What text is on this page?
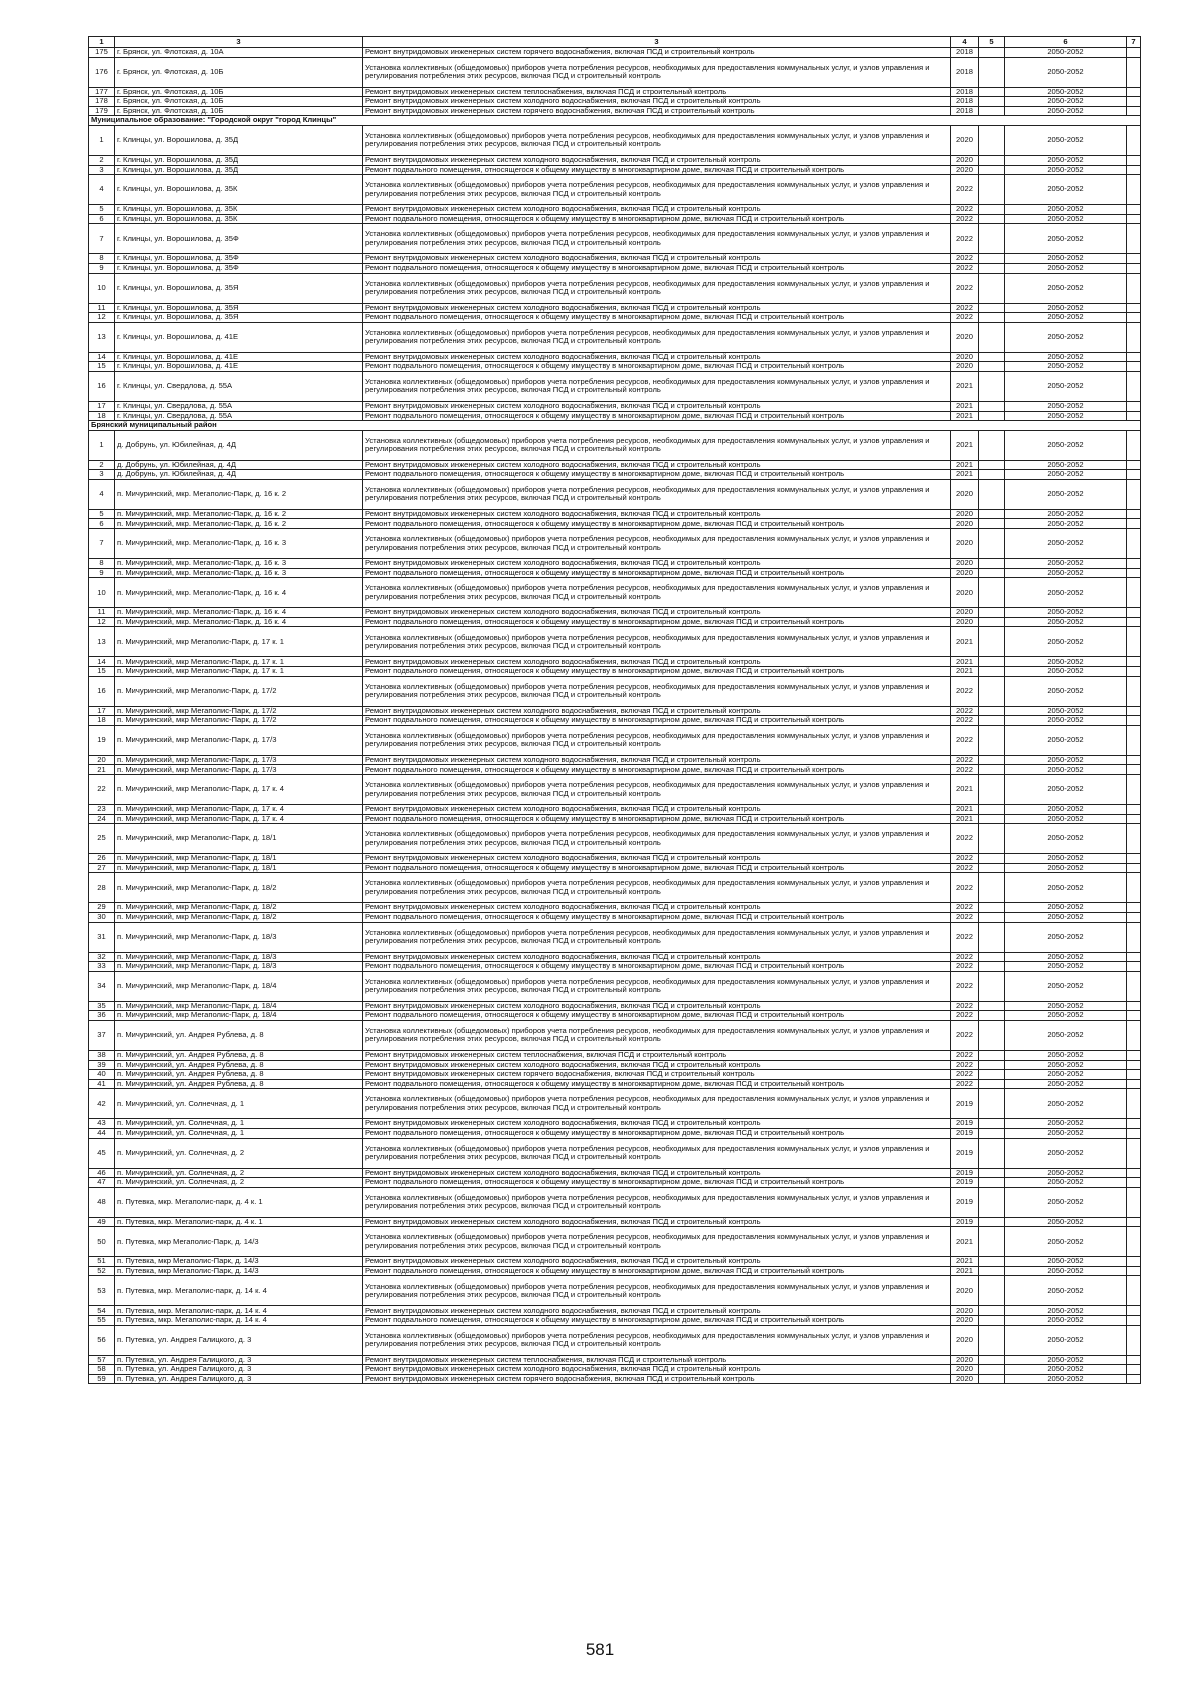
1	3	3	4	5	6	7
175	г. Брянск, ул. Флотская, д. 10А	Ремонт внутридомовых инженерных систем горячего водоснабжения, включая ПСД и строительный контроль	2018		2050-2052	
176	г. Брянск, ул. Флотская, д. 10Б	Установка коллективных (общедомовых) приборов учета потребления ресурсов, необходимых для предоставления коммунальных услуг, и узлов управления и регулирования потребления этих ресурсов, включая ПСД и строительный контроль	2018		2050-2052	
177	г. Брянск, ул. Флотская, д. 10Б	Ремонт внутридомовых инженерных систем теплоснабжения, включая ПСД и строительный контроль	2018		2050-2052	
178	г. Брянск, ул. Флотская, д. 10Б	Ремонт внутридомовых инженерных систем холодного водоснабжения, включая ПСД и строительный контроль	2018		2050-2052	
179	г. Брянск, ул. Флотская, д. 10Б	Ремонт внутридомовых инженерных систем горячего водоснабжения, включая ПСД и строительный контроль	2018		2050-2052	
Муниципальное образование: "Городской округ "город Клинцы"						
1	г. Клинцы, ул. Ворошилова, д. 35Д	Установка коллективных (общедомовых) приборов учета потребления ресурсов, необходимых для предоставления коммунальных услуг, и узлов управления и регулирования потребления этих ресурсов, включая ПСД и строительный контроль	2020		2050-2052	
2	г. Клинцы, ул. Ворошилова, д. 35Д	Ремонт внутридомовых инженерных систем холодного водоснабжения, включая ПСД и строительный контроль	2020		2050-2052	
3	г. Клинцы, ул. Ворошилова, д. 35Д	Ремонт подвального помещения, относящегося к общему имуществу в многоквартирном доме, включая ПСД и строительный контроль	2020		2050-2052	
4	г. Клинцы, ул. Ворошилова, д. 35К	Установка коллективных (общедомовых) приборов учета потребления ресурсов, необходимых для предоставления коммунальных услуг, и узлов управления и регулирования потребления этих ресурсов, включая ПСД и строительный контроль	2022		2050-2052	
5	г. Клинцы, ул. Ворошилова, д. 35К	Ремонт внутридомовых инженерных систем холодного водоснабжения, включая ПСД и строительный контроль	2022		2050-2052	
6	г. Клинцы, ул. Ворошилова, д. 35К	Ремонт подвального помещения, относящегося к общему имуществу в многоквартирном доме, включая ПСД и строительный контроль	2022		2050-2052	
7	г. Клинцы, ул. Ворошилова, д. 35Ф	Установка коллективных (общедомовых) приборов учета потребления ресурсов, необходимых для предоставления коммунальных услуг, и узлов управления и регулирования потребления этих ресурсов, включая ПСД и строительный контроль	2022		2050-2052	
8	г. Клинцы, ул. Ворошилова, д. 35Ф	Ремонт внутридомовых инженерных систем холодного водоснабжения, включая ПСД и строительный контроль	2022		2050-2052	
9	г. Клинцы, ул. Ворошилова, д. 35Ф	Ремонт подвального помещения, относящегося к общему имуществу в многоквартирном доме, включая ПСД и строительный контроль	2022		2050-2052	
10	г. Клинцы, ул. Ворошилова, д. 35Я	Установка коллективных (общедомовых) приборов учета потребления ресурсов, необходимых для предоставления коммунальных услуг, и узлов управления и регулирования потребления этих ресурсов, включая ПСД и строительный контроль	2022		2050-2052	
11	г. Клинцы, ул. Ворошилова, д. 35Я	Ремонт внутридомовых инженерных систем холодного водоснабжения, включая ПСД и строительный контроль	2022		2050-2052	
12	г. Клинцы, ул. Ворошилова, д. 35Я	Ремонт подвального помещения, относящегося к общему имуществу в многоквартирном доме, включая ПСД и строительный контроль	2022		2050-2052	
13	г. Клинцы, ул. Ворошилова, д. 41Е	Установка коллективных (общедомовых) приборов учета потребления ресурсов, необходимых для предоставления коммунальных услуг, и узлов управления и регулирования потребления этих ресурсов, включая ПСД и строительный контроль	2020		2050-2052	
14	г. Клинцы, ул. Ворошилова, д. 41Е	Ремонт внутридомовых инженерных систем холодного водоснабжения, включая ПСД и строительный контроль	2020		2050-2052	
15	г. Клинцы, ул. Ворошилова, д. 41Е	Ремонт подвального помещения, относящегося к общему имуществу в многоквартирном доме, включая ПСД и строительный контроль	2020		2050-2052	
16	г. Клинцы, ул. Свердлова, д. 55А	Установка коллективных (общедомовых) приборов учета потребления ресурсов, необходимых для предоставления коммунальных услуг, и узлов управления и регулирования потребления этих ресурсов, включая ПСД и строительный контроль	2021		2050-2052	
17	г. Клинцы, ул. Свердлова, д. 55А	Ремонт внутридомовых инженерных систем холодного водоснабжения, включая ПСД и строительный контроль	2021		2050-2052	
18	г. Клинцы, ул. Свердлова, д. 55А	Ремонт подвального помещения, относящегося к общему имуществу в многоквартирном доме, включая ПСД и строительный контроль	2021		2050-2052	
Брянский муниципальный район						
1	д. Добрунь, ул. Юбилейная, д. 4Д	Установка коллективных (общедомовых) приборов учета потребления ресурсов, необходимых для предоставления коммунальных услуг, и узлов управления и регулирования потребления этих ресурсов, включая ПСД и строительный контроль	2021		2050-2052	
2	д. Добрунь, ул. Юбилейная, д. 4Д	Ремонт внутридомовых инженерных систем холодного водоснабжения, включая ПСД и строительный контроль	2021		2050-2052	
3	д. Добрунь, ул. Юбилейная, д. 4Д	Ремонт подвального помещения, относящегося к общему имуществу в многоквартирном доме, включая ПСД и строительный контроль	2021		2050-2052	
4	п. Мичуринский, мкр. Мегаполис-Парк, д. 16 к. 2	Установка коллективных (общедомовых) приборов учета потребления ресурсов, необходимых для предоставления коммунальных услуг, и узлов управления и регулирования потребления этих ресурсов, включая ПСД и строительный контроль	2020		2050-2052	
5	п. Мичуринский, мкр. Мегаполис-Парк, д. 16 к. 2	Ремонт внутридомовых инженерных систем холодного водоснабжения, включая ПСД и строительный контроль	2020		2050-2052	
6	п. Мичуринский, мкр. Мегаполис-Парк, д. 16 к. 2	Ремонт подвального помещения, относящегося к общему имуществу в многоквартирном доме, включая ПСД и строительный контроль	2020		2050-2052	
7	п. Мичуринский, мкр. Мегаполис-Парк, д. 16 к. 3	Установка коллективных (общедомовых) приборов учета потребления ресурсов, необходимых для предоставления коммунальных услуг, и узлов управления и регулирования потребления этих ресурсов, включая ПСД и строительный контроль	2020		2050-2052	
8	п. Мичуринский, мкр. Мегаполис-Парк, д. 16 к. 3	Ремонт внутридомовых инженерных систем холодного водоснабжения, включая ПСД и строительный контроль	2020		2050-2052	
9	п. Мичуринский, мкр. Мегаполис-Парк, д. 16 к. 3	Ремонт подвального помещения, относящегося к общему имуществу в многоквартирном доме, включая ПСД и строительный контроль	2020		2050-2052	
10	п. Мичуринский, мкр. Мегаполис-Парк, д. 16 к. 4	Установка коллективных (общедомовых) приборов учета потребления ресурсов, необходимых для предоставления коммунальных услуг, и узлов управления и регулирования потребления этих ресурсов, включая ПСД и строительный контроль	2020		2050-2052	
11	п. Мичуринский, мкр. Мегаполис-Парк, д. 16 к. 4	Ремонт внутридомовых инженерных систем холодного водоснабжения, включая ПСД и строительный контроль	2020		2050-2052	
12	п. Мичуринский, мкр. Мегаполис-Парк, д. 16 к. 4	Ремонт подвального помещения, относящегося к общему имуществу в многоквартирном доме, включая ПСД и строительный контроль	2020		2050-2052	
13	п. Мичуринский, мкр Мегаполис-Парк, д. 17 к. 1	Установка коллективных (общедомовых) приборов учета потребления ресурсов, необходимых для предоставления коммунальных услуг, и узлов управления и регулирования потребления этих ресурсов, включая ПСД и строительный контроль	2021		2050-2052	
14	п. Мичуринский, мкр Мегаполис-Парк, д. 17 к. 1	Ремонт внутридомовых инженерных систем холодного водоснабжения, включая ПСД и строительный контроль	2021		2050-2052	
15	п. Мичуринский, мкр Мегаполис-Парк, д. 17 к. 1	Ремонт подвального помещения, относящегося к общему имуществу в многоквартирном доме, включая ПСД и строительный контроль	2021		2050-2052	
16	п. Мичуринский, мкр Мегаполис-Парк, д. 17/2	Установка коллективных (общедомовых) приборов учета потребления ресурсов, необходимых для предоставления коммунальных услуг, и узлов управления и регулирования потребления этих ресурсов, включая ПСД и строительный контроль	2022		2050-2052	
17	п. Мичуринский, мкр Мегаполис-Парк, д. 17/2	Ремонт внутридомовых инженерных систем холодного водоснабжения, включая ПСД и строительный контроль	2022		2050-2052	
18	п. Мичуринский, мкр Мегаполис-Парк, д. 17/2	Ремонт подвального помещения, относящегося к общему имуществу в многоквартирном доме, включая ПСД и строительный контроль	2022		2050-2052	
19	п. Мичуринский, мкр Мегаполис-Парк, д. 17/3	Установка коллективных (общедомовых) приборов учета потребления ресурсов, необходимых для предоставления коммунальных услуг, и узлов управления и регулирования потребления этих ресурсов, включая ПСД и строительный контроль	2022		2050-2052	
20	п. Мичуринский, мкр Мегаполис-Парк, д. 17/3	Ремонт внутридомовых инженерных систем холодного водоснабжения, включая ПСД и строительный контроль	2022		2050-2052	
21	п. Мичуринский, мкр Мегаполис-Парк, д. 17/3	Ремонт подвального помещения, относящегося к общему имуществу в многоквартирном доме, включая ПСД и строительный контроль	2022		2050-2052	
22	п. Мичуринский, мкр Мегаполис-Парк, д. 17 к. 4	Установка коллективных (общедомовых) приборов учета потребления ресурсов, необходимых для предоставления коммунальных услуг, и узлов управления и регулирования потребления этих ресурсов, включая ПСД и строительный контроль	2021		2050-2052	
23	п. Мичуринский, мкр Мегаполис-Парк, д. 17 к. 4	Ремонт внутридомовых инженерных систем холодного водоснабжения, включая ПСД и строительный контроль	2021		2050-2052	
24	п. Мичуринский, мкр Мегаполис-Парк, д. 17 к. 4	Ремонт подвального помещения, относящегося к общему имуществу в многоквартирном доме, включая ПСД и строительный контроль	2021		2050-2052	
25	п. Мичуринский, мкр Мегаполис-Парк, д. 18/1	Установка коллективных (общедомовых) приборов учета потребления ресурсов, необходимых для предоставления коммунальных услуг, и узлов управления и регулирования потребления этих ресурсов, включая ПСД и строительный контроль	2022		2050-2052	
26	п. Мичуринский, мкр Мегаполис-Парк, д. 18/1	Ремонт внутридомовых инженерных систем холодного водоснабжения, включая ПСД и строительный контроль	2022		2050-2052	
27	п. Мичуринский, мкр Мегаполис-Парк, д. 18/1	Ремонт подвального помещения, относящегося к общему имуществу в многоквартирном доме, включая ПСД и строительный контроль	2022		2050-2052	
28	п. Мичуринский, мкр Мегаполис-Парк, д. 18/2	Установка коллективных (общедомовых) приборов учета потребления ресурсов, необходимых для предоставления коммунальных услуг, и узлов управления и регулирования потребления этих ресурсов, включая ПСД и строительный контроль	2022		2050-2052	
29	п. Мичуринский, мкр Мегаполис-Парк, д. 18/2	Ремонт внутридомовых инженерных систем холодного водоснабжения, включая ПСД и строительный контроль	2022		2050-2052	
30	п. Мичуринский, мкр Мегаполис-Парк, д. 18/2	Ремонт подвального помещения, относящегося к общему имуществу в многоквартирном доме, включая ПСД и строительный контроль	2022		2050-2052	
31	п. Мичуринский, мкр Мегаполис-Парк, д. 18/3	Установка коллективных (общедомовых) приборов учета потребления ресурсов, необходимых для предоставления коммунальных услуг, и узлов управления и регулирования потребления этих ресурсов, включая ПСД и строительный контроль	2022		2050-2052	
32	п. Мичуринский, мкр Мегаполис-Парк, д. 18/3	Ремонт внутридомовых инженерных систем холодного водоснабжения, включая ПСД и строительный контроль	2022		2050-2052	
33	п. Мичуринский, мкр Мегаполис-Парк, д. 18/3	Ремонт подвального помещения, относящегося к общему имуществу в многоквартирном доме, включая ПСД и строительный контроль	2022		2050-2052	
34	п. Мичуринский, мкр Мегаполис-Парк, д. 18/4	Установка коллективных (общедомовых) приборов учета потребления ресурсов, необходимых для предоставления коммунальных услуг, и узлов управления и регулирования потребления этих ресурсов, включая ПСД и строительный контроль	2022		2050-2052	
35	п. Мичуринский, мкр Мегаполис-Парк, д. 18/4	Ремонт внутридомовых инженерных систем холодного водоснабжения, включая ПСД и строительный контроль	2022		2050-2052	
36	п. Мичуринский, мкр Мегаполис-Парк, д. 18/4	Ремонт подвального помещения, относящегося к общему имуществу в многоквартирном доме, включая ПСД и строительный контроль	2022		2050-2052	
37	п. Мичуринский, ул. Андрея Рублева, д. 8	Установка коллективных (общедомовых) приборов учета потребления ресурсов, необходимых для предоставления коммунальных услуг, и узлов управления и регулирования потребления этих ресурсов, включая ПСД и строительный контроль	2022		2050-2052	
38	п. Мичуринский, ул. Андрея Рублева, д. 8	Ремонт внутридомовых инженерных систем теплоснабжения, включая ПСД и строительный контроль	2022		2050-2052	
39	п. Мичуринский, ул. Андрея Рублева, д. 8	Ремонт внутридомовых инженерных систем холодного водоснабжения, включая ПСД и строительный контроль	2022		2050-2052	
40	п. Мичуринский, ул. Андрея Рублева, д. 8	Ремонт внутридомовых инженерных систем горячего водоснабжения, включая ПСД и строительный контроль	2022		2050-2052	
41	п. Мичуринский, ул. Андрея Рублева, д. 8	Ремонт подвального помещения, относящегося к общему имуществу в многоквартирном доме, включая ПСД и строительный контроль	2022		2050-2052	
42	п. Мичуринский, ул. Солнечная, д. 1	Установка коллективных (общедомовых) приборов учета потребления ресурсов, необходимых для предоставления коммунальных услуг, и узлов управления и регулирования потребления этих ресурсов, включая ПСД и строительный контроль	2019		2050-2052	
43	п. Мичуринский, ул. Солнечная, д. 1	Ремонт внутридомовых инженерных систем холодного водоснабжения, включая ПСД и строительный контроль	2019		2050-2052	
44	п. Мичуринский, ул. Солнечная, д. 1	Ремонт подвального помещения, относящегося к общему имуществу в многоквартирном доме, включая ПСД и строительный контроль	2019		2050-2052	
45	п. Мичуринский, ул. Солнечная, д. 2	Установка коллективных (общедомовых) приборов учета потребления ресурсов, необходимых для предоставления коммунальных услуг, и узлов управления и регулирования потребления этих ресурсов, включая ПСД и строительный контроль	2019		2050-2052	
46	п. Мичуринский, ул. Солнечная, д. 2	Ремонт внутридомовых инженерных систем холодного водоснабжения, включая ПСД и строительный контроль	2019		2050-2052	
47	п. Мичуринский, ул. Солнечная, д. 2	Ремонт подвального помещения, относящегося к общему имуществу в многоквартирном доме, включая ПСД и строительный контроль	2019		2050-2052	
48	п. Путевка, мкр. Мегаполис-парк, д. 4 к. 1	Установка коллективных (общедомовых) приборов учета потребления ресурсов, необходимых для предоставления коммунальных услуг, и узлов управления и регулирования потребления этих ресурсов, включая ПСД и строительный контроль	2019		2050-2052	
49	п. Путевка, мкр. Мегаполис-парк, д. 4 к. 1	Ремонт внутридомовых инженерных систем холодного водоснабжения, включая ПСД и строительный контроль	2019		2050-2052	
50	п. Путевка, мкр Мегаполис-Парк, д. 14/3	Установка коллективных (общедомовых) приборов учета потребления ресурсов, необходимых для предоставления коммунальных услуг, и узлов управления и регулирования потребления этих ресурсов, включая ПСД и строительный контроль	2021		2050-2052	
51	п. Путевка, мкр Мегаполис-Парк, д. 14/3	Ремонт внутридомовых инженерных систем холодного водоснабжения, включая ПСД и строительный контроль	2021		2050-2052	
52	п. Путевка, мкр Мегаполис-Парк, д. 14/3	Ремонт подвального помещения, относящегося к общему имуществу в многоквартирном доме, включая ПСД и строительный контроль	2021		2050-2052	
53	п. Путевка, мкр. Мегаполис-парк, д. 14 к. 4	Установка коллективных (общедомовых) приборов учета потребления ресурсов, необходимых для предоставления коммунальных услуг, и узлов управления и регулирования потребления этих ресурсов, включая ПСД и строительный контроль	2020		2050-2052	
54	п. Путевка, мкр. Мегаполис-парк, д. 14 к. 4	Ремонт внутридомовых инженерных систем холодного водоснабжения, включая ПСД и строительный контроль	2020		2050-2052	
55	п. Путевка, мкр. Мегаполис-парк, д. 14 к. 4	Ремонт подвального помещения, относящегося к общему имуществу в многоквартирном доме, включая ПСД и строительный контроль	2020		2050-2052	
56	п. Путевка, ул. Андрея Галицкого, д. 3	Установка коллективных (общедомовых) приборов учета потребления ресурсов, необходимых для предоставления коммунальных услуг, и узлов управления и регулирования потребления этих ресурсов, включая ПСД и строительный контроль	2020		2050-2052	
57	п. Путевка, ул. Андрея Галицкого, д. 3	Ремонт внутридомовых инженерных систем теплоснабжения, включая ПСД и строительный контроль	2020		2050-2052	
58	п. Путевка, ул. Андрея Галицкого, д. 3	Ремонт внутридомовых инженерных систем холодного водоснабжения, включая ПСД и строительный контроль	2020		2050-2052	
59	п. Путевка, ул. Андрея Галицкого, д. 3	Ремонт внутридомовых инженерных систем горячего водоснабжения, включая ПСД и строительный контроль	2020		2050-2052	
581
